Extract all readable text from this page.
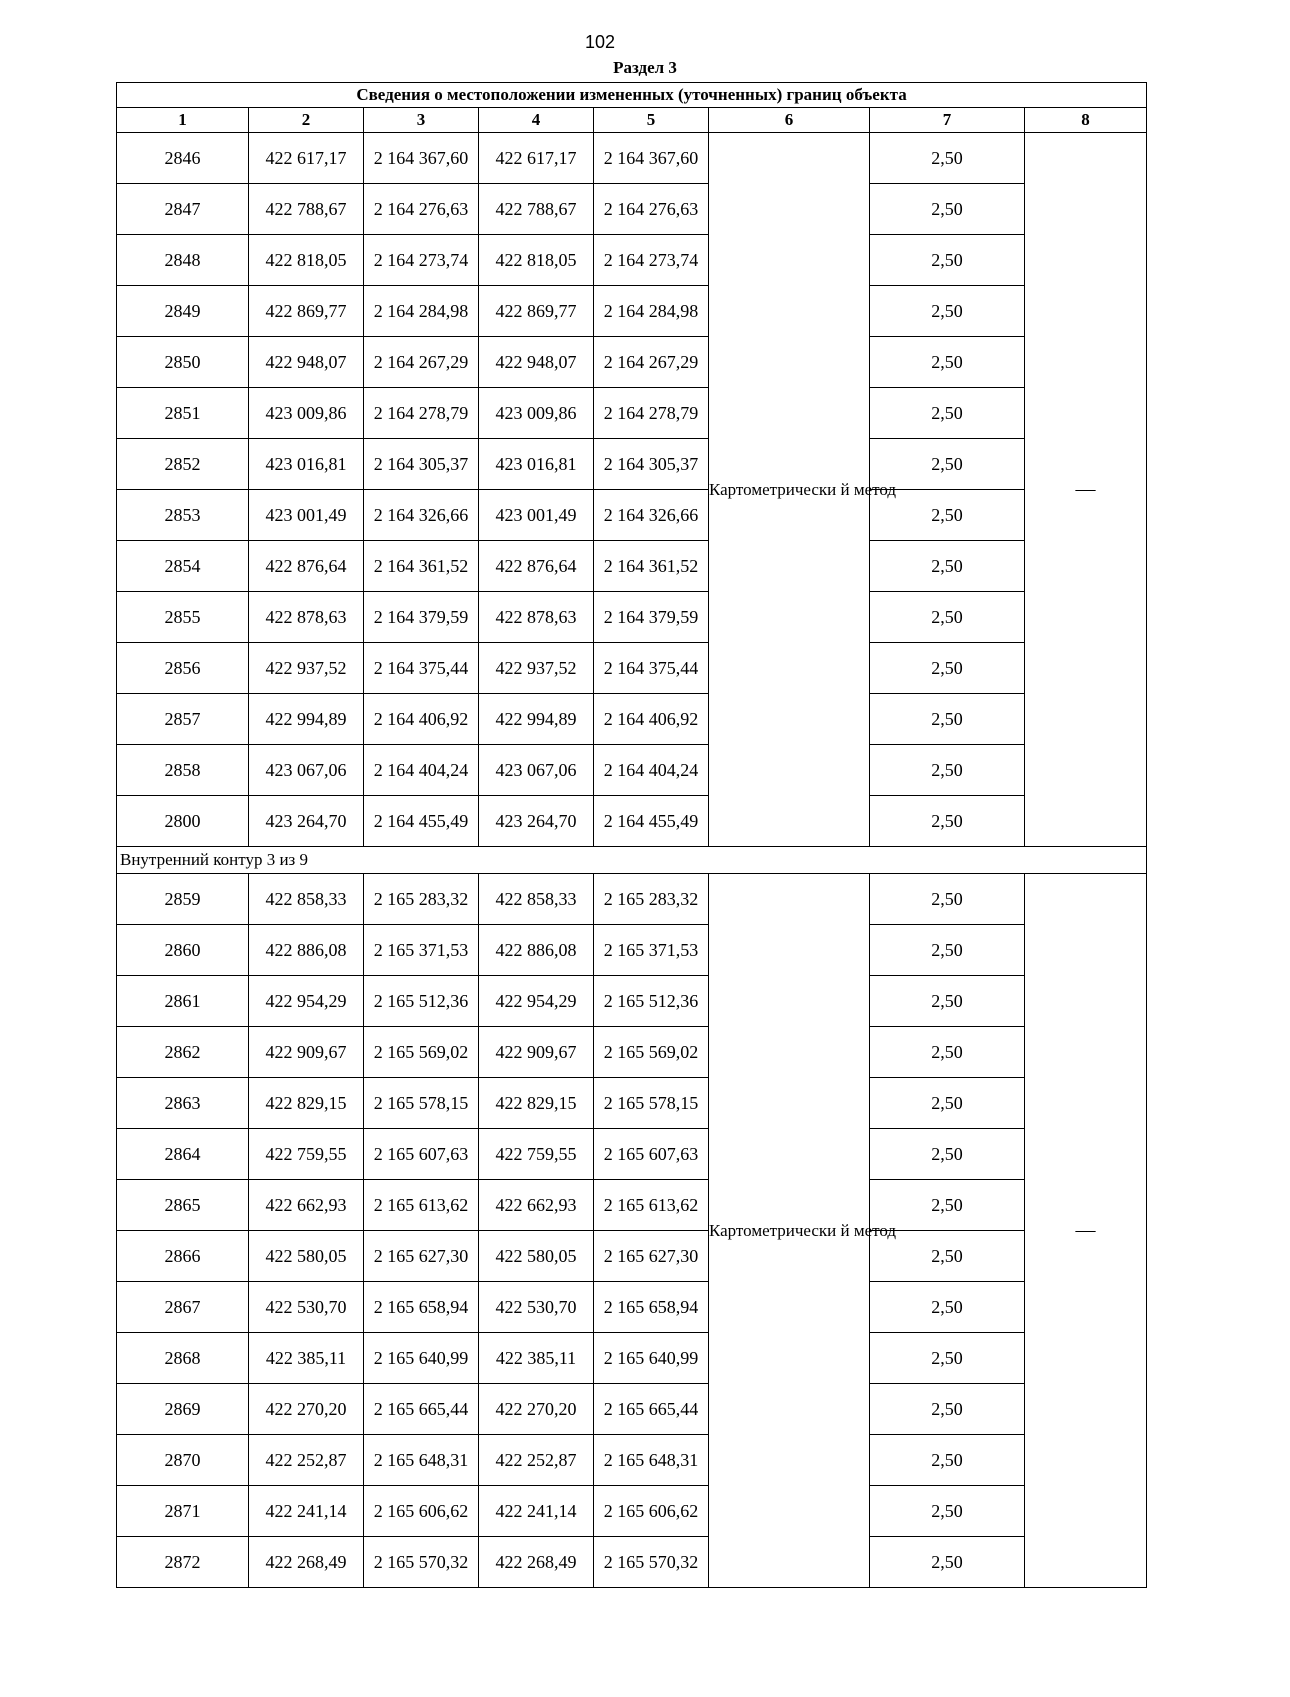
102
Раздел 3
Сведения о местоположении измененных (уточненных) границ объекта							
1	2	3	4	5	6	7	8
2846	422 617,17	2 164 367,60	422 617,17	2 164 367,60	Картометрически й метод	2,50	—
2847	422 788,67	2 164 276,63	422 788,67	2 164 276,63		2,50	
2848	422 818,05	2 164 273,74	422 818,05	2 164 273,74		2,50	
2849	422 869,77	2 164 284,98	422 869,77	2 164 284,98		2,50	
2850	422 948,07	2 164 267,29	422 948,07	2 164 267,29		2,50	
2851	423 009,86	2 164 278,79	423 009,86	2 164 278,79		2,50	
2852	423 016,81	2 164 305,37	423 016,81	2 164 305,37		2,50	
2853	423 001,49	2 164 326,66	423 001,49	2 164 326,66		2,50	
2854	422 876,64	2 164 361,52	422 876,64	2 164 361,52		2,50	
2855	422 878,63	2 164 379,59	422 878,63	2 164 379,59		2,50	
2856	422 937,52	2 164 375,44	422 937,52	2 164 375,44		2,50	
2857	422 994,89	2 164 406,92	422 994,89	2 164 406,92		2,50	
2858	423 067,06	2 164 404,24	423 067,06	2 164 404,24		2,50	
2800	423 264,70	2 164 455,49	423 264,70	2 164 455,49		2,50	
Внутренний контур 3 из 9							
2859	422 858,33	2 165 283,32	422 858,33	2 165 283,32	Картометрически й метод	2,50	—
2860	422 886,08	2 165 371,53	422 886,08	2 165 371,53		2,50	
2861	422 954,29	2 165 512,36	422 954,29	2 165 512,36		2,50	
2862	422 909,67	2 165 569,02	422 909,67	2 165 569,02		2,50	
2863	422 829,15	2 165 578,15	422 829,15	2 165 578,15		2,50	
2864	422 759,55	2 165 607,63	422 759,55	2 165 607,63		2,50	
2865	422 662,93	2 165 613,62	422 662,93	2 165 613,62		2,50	
2866	422 580,05	2 165 627,30	422 580,05	2 165 627,30		2,50	
2867	422 530,70	2 165 658,94	422 530,70	2 165 658,94		2,50	
2868	422 385,11	2 165 640,99	422 385,11	2 165 640,99		2,50	
2869	422 270,20	2 165 665,44	422 270,20	2 165 665,44		2,50	
2870	422 252,87	2 165 648,31	422 252,87	2 165 648,31		2,50	
2871	422 241,14	2 165 606,62	422 241,14	2 165 606,62		2,50	
2872	422 268,49	2 165 570,32	422 268,49	2 165 570,32		2,50	
